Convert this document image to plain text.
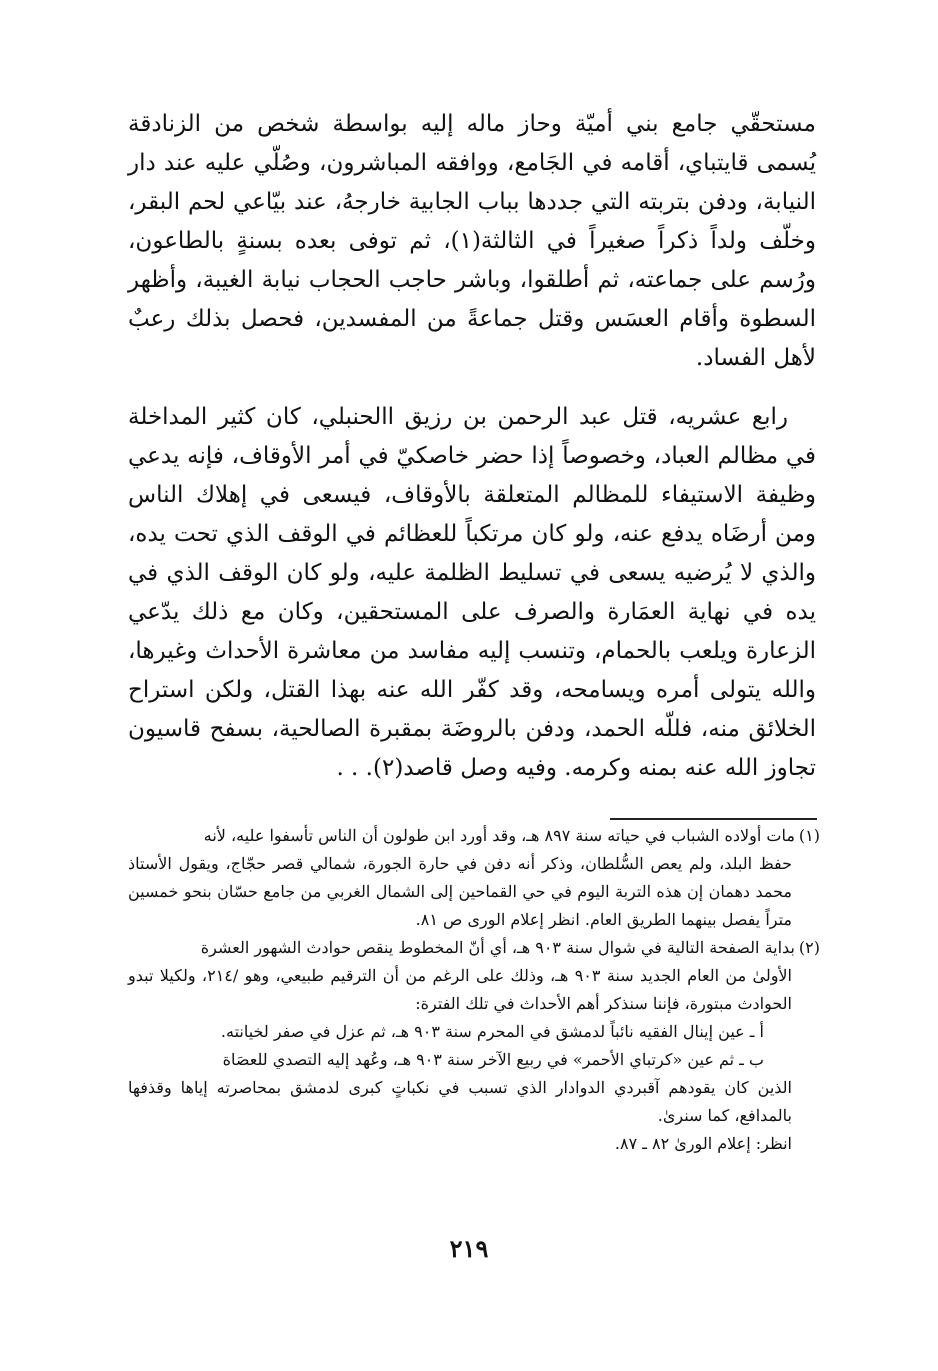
مستحقّي جامع بني أميّة وحاز ماله إليه بواسطة شخص من الزنادقة يُسمى قايتباي، أقامه في الجَامع، ووافقه المباشرون، وصُلّي عليه عند دار النيابة، ودفن بتربته التي جددها بباب الجابية خارجهُ، عند بيّاعي لحم البقر، وخلّف ولداً ذكراً صغيراً في الثالثة(١)، ثم توفى بعده بسنةٍ بالطاعون، ورُسم على جماعته، ثم أطلقوا، وباشر حاجب الحجاب نيابة الغيبة، وأظهر السطوة وأقام العسَس وقتل جماعةً من المفسدين، فحصل بذلك رعبٌ لأهل الفساد.

رابع عشريه، قتل عبد الرحمن بن رزيق االحنبلي، كان كثير المداخلة في مظالم العباد، وخصوصاً إذا حضر خاصكيّ في أمر الأوقاف، فإنه يدعي وظيفة الاستيفاء للمظالم المتعلقة بالأوقاف، فيسعى في إهلاك الناس ومن أرضَاه يدفع عنه، ولو كان مرتكباً للعظائم في الوقف الذي تحت يده، والذي لا يُرضيه يسعى في تسليط الظلمة عليه، ولو كان الوقف الذي في يده في نهاية العمَارة والصرف على المستحقين، وكان مع ذلك يدّعي الزعارة ويلعب بالحمام، وتنسب إليه مفاسد من معاشرة الأحداث وغيرها، والله يتولى أمره ويسامحه، وقد كفّر الله عنه بهذا القتل، ولكن استراح الخلائق منه، فللّه الحمد، ودفن بالروضَة بمقبرة الصالحية، بسفح قاسيون تجاوز الله عنه بمنه وكرمه. وفيه وصل قاصد(٢). . .

(١)مات أولاده الشباب في حياته سنة ٨٩٧ هـ، وقد أورد ابن طولون أن الناس تأسفوا عليه، لأنه

حفظ البلد، ولم يعص السُّلطان، وذكر أنه دفن في حارة الجورة، شمالي قصر حجّاج، ويقول الأستاذ محمد دهمان إن هذه التربة اليوم في حي القماحين إلى الشمال الغربي من جامع حسّان بنحو خمسين متراً يفصل بينهما الطريق العام. انظر إعلام الورى ص ٨١.

(٢)بداية الصفحة التالية في شوال سنة ٩٠٣ هـ، أي أنّ المخطوط ينقص حوادث الشهور العشرة

الأولىٰ من العام الجديد سنة ٩٠٣ هـ، وذلك على الرغم من أن الترقيم طبيعي، وهو /٢١٤، ولكيلا تبدو الحوادث مبتورة، فإننا سنذكر أهم الأحداث في تلك الفترة:

أ ـ عين إينال الفقيه نائباً لدمشق في المحرم سنة ٩٠٣ هـ، ثم عزل في صفر لخيانته.

ب ـ ثم عين «كرتباي الأحمر» في ربيع الآخر سنة ٩٠٣ هـ، وعُهد إليه التصدي للعصَاة

الذين كان يقودهم آقبردي الدوادار الذي تسبب في نكباتٍ كبرى لدمشق بمحاصرته إياها وقذفها بالمدافع، كما سنرىٰ.

انظر: إعلام الورىٰ ٨٢ ـ ٨٧.

٢١٩
